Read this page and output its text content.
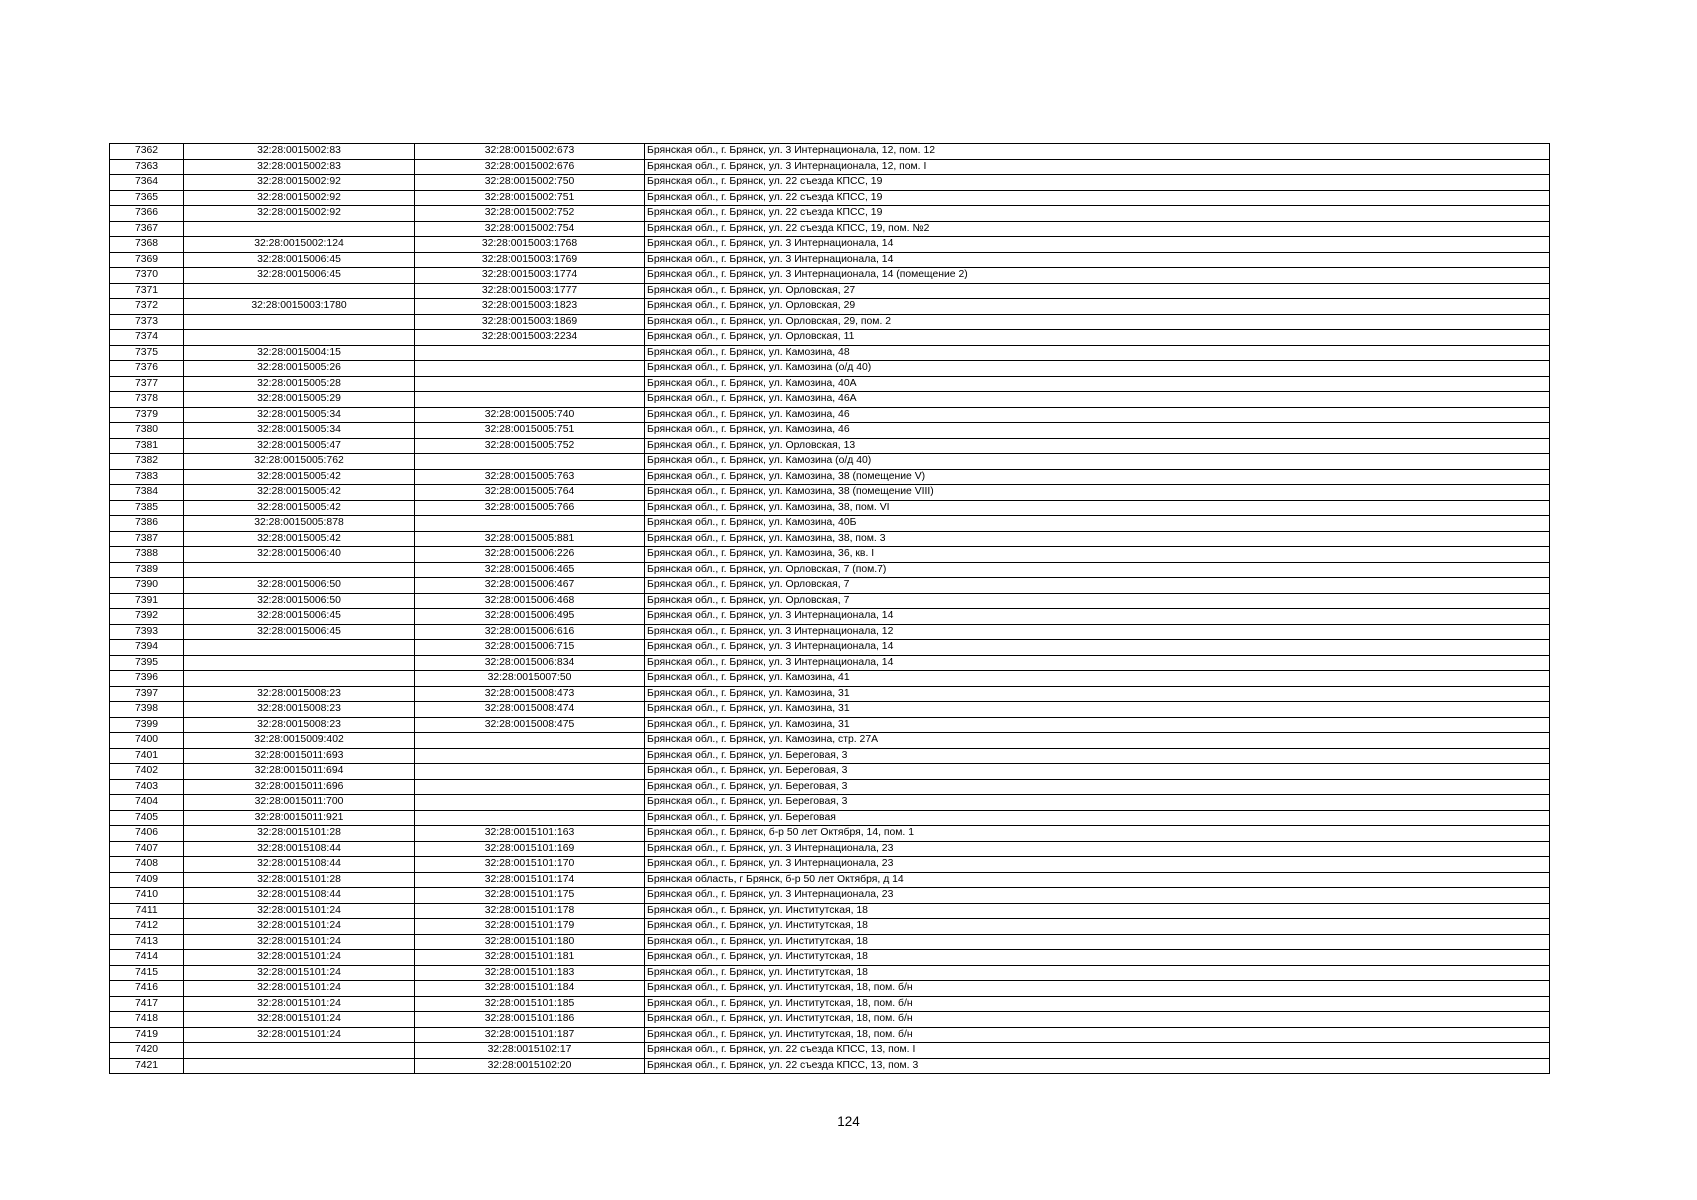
7362	32:28:0015002:83	32:28:0015002:673	Брянская обл., г. Брянск, ул. 3 Интернационала, 12, пом. 12
7363	32:28:0015002:83	32:28:0015002:676	Брянская обл., г. Брянск, ул. 3 Интернационала, 12, пом. I
7364	32:28:0015002:92	32:28:0015002:750	Брянская обл., г. Брянск, ул. 22 съезда КПСС, 19
7365	32:28:0015002:92	32:28:0015002:751	Брянская обл., г. Брянск, ул. 22 съезда КПСС, 19
7366	32:28:0015002:92	32:28:0015002:752	Брянская обл., г. Брянск, ул. 22 съезда КПСС, 19
7367		32:28:0015002:754	Брянская обл., г. Брянск, ул. 22 съезда КПСС, 19, пом. №2
7368	32:28:0015002:124	32:28:0015003:1768	Брянская обл., г. Брянск, ул. 3 Интернационала, 14
7369	32:28:0015006:45	32:28:0015003:1769	Брянская обл., г. Брянск, ул. 3 Интернационала, 14
7370	32:28:0015006:45	32:28:0015003:1774	Брянская обл., г. Брянск, ул. 3 Интернационала, 14 (помещение 2)
7371		32:28:0015003:1777	Брянская обл., г. Брянск, ул. Орловская, 27
7372	32:28:0015003:1780	32:28:0015003:1823	Брянская обл., г. Брянск, ул. Орловская, 29
7373		32:28:0015003:1869	Брянская обл., г. Брянск, ул. Орловская, 29, пом. 2
7374		32:28:0015003:2234	Брянская обл., г. Брянск, ул. Орловская, 11
7375	32:28:0015004:15		Брянская обл., г. Брянск, ул. Камозина, 48
7376	32:28:0015005:26		Брянская обл., г. Брянск, ул. Камозина (о/д 40)
7377	32:28:0015005:28		Брянская обл., г. Брянск, ул. Камозина, 40А
7378	32:28:0015005:29		Брянская обл., г. Брянск, ул. Камозина, 46А
7379	32:28:0015005:34	32:28:0015005:740	Брянская обл., г. Брянск, ул. Камозина, 46
7380	32:28:0015005:34	32:28:0015005:751	Брянская обл., г. Брянск, ул. Камозина, 46
7381	32:28:0015005:47	32:28:0015005:752	Брянская обл., г. Брянск, ул. Орловская, 13
7382	32:28:0015005:762		Брянская обл., г. Брянск, ул. Камозина (о/д 40)
7383	32:28:0015005:42	32:28:0015005:763	Брянская обл., г. Брянск, ул. Камозина, 38 (помещение V)
7384	32:28:0015005:42	32:28:0015005:764	Брянская обл., г. Брянск, ул. Камозина, 38 (помещение VIII)
7385	32:28:0015005:42	32:28:0015005:766	Брянская обл., г. Брянск, ул. Камозина, 38, пом. VI
7386	32:28:0015005:878		Брянская обл., г. Брянск, ул. Камозина, 40Б
7387	32:28:0015005:42	32:28:0015005:881	Брянская обл., г. Брянск, ул. Камозина, 38, пом. 3
7388	32:28:0015006:40	32:28:0015006:226	Брянская обл., г. Брянск, ул. Камозина, 36, кв. I
7389		32:28:0015006:465	Брянская обл., г. Брянск, ул. Орловская, 7 (пом.7)
7390	32:28:0015006:50	32:28:0015006:467	Брянская обл., г. Брянск, ул. Орловская, 7
7391	32:28:0015006:50	32:28:0015006:468	Брянская обл., г. Брянск, ул. Орловская, 7
7392	32:28:0015006:45	32:28:0015006:495	Брянская обл., г. Брянск, ул. 3 Интернационала, 14
7393	32:28:0015006:45	32:28:0015006:616	Брянская обл., г. Брянск, ул. 3 Интернационала, 12
7394		32:28:0015006:715	Брянская обл., г. Брянск, ул. 3 Интернационала, 14
7395		32:28:0015006:834	Брянская обл., г. Брянск, ул. 3 Интернационала, 14
7396		32:28:0015007:50	Брянская обл., г. Брянск, ул. Камозина, 41
7397	32:28:0015008:23	32:28:0015008:473	Брянская обл., г. Брянск, ул. Камозина, 31
7398	32:28:0015008:23	32:28:0015008:474	Брянская обл., г. Брянск, ул. Камозина, 31
7399	32:28:0015008:23	32:28:0015008:475	Брянская обл., г. Брянск, ул. Камозина, 31
7400	32:28:0015009:402		Брянская обл., г. Брянск, ул. Камозина, стр. 27А
7401	32:28:0015011:693		Брянская обл., г. Брянск, ул. Береговая, 3
7402	32:28:0015011:694		Брянская обл., г. Брянск, ул. Береговая, 3
7403	32:28:0015011:696		Брянская обл., г. Брянск, ул. Береговая, 3
7404	32:28:0015011:700		Брянская обл., г. Брянск, ул. Береговая, 3
7405	32:28:0015011:921		Брянская обл., г. Брянск, ул. Береговая
7406	32:28:0015101:28	32:28:0015101:163	Брянская обл., г. Брянск, б-р 50 лет Октября, 14, пом. 1
7407	32:28:0015108:44	32:28:0015101:169	Брянская обл., г. Брянск, ул. 3 Интернационала, 23
7408	32:28:0015108:44	32:28:0015101:170	Брянская обл., г. Брянск, ул. 3 Интернационала, 23
7409	32:28:0015101:28	32:28:0015101:174	Брянская область, г Брянск, б-р 50 лет Октября, д 14
7410	32:28:0015108:44	32:28:0015101:175	Брянская обл., г. Брянск, ул. 3 Интернационала, 23
7411	32:28:0015101:24	32:28:0015101:178	Брянская обл., г. Брянск, ул. Институтская, 18
7412	32:28:0015101:24	32:28:0015101:179	Брянская обл., г. Брянск, ул. Институтская, 18
7413	32:28:0015101:24	32:28:0015101:180	Брянская обл., г. Брянск, ул. Институтская, 18
7414	32:28:0015101:24	32:28:0015101:181	Брянская обл., г. Брянск, ул. Институтская, 18
7415	32:28:0015101:24	32:28:0015101:183	Брянская обл., г. Брянск, ул. Институтская, 18
7416	32:28:0015101:24	32:28:0015101:184	Брянская обл., г. Брянск, ул. Институтская, 18, пом. б/н
7417	32:28:0015101:24	32:28:0015101:185	Брянская обл., г. Брянск, ул. Институтская, 18, пом. б/н
7418	32:28:0015101:24	32:28:0015101:186	Брянская обл., г. Брянск, ул. Институтская, 18, пом. б/н
7419	32:28:0015101:24	32:28:0015101:187	Брянская обл., г. Брянск, ул. Институтская, 18, пом. б/н
7420		32:28:0015102:17	Брянская обл., г. Брянск, ул. 22 съезда КПСС, 13, пом. I
7421		32:28:0015102:20	Брянская обл., г. Брянск, ул. 22 съезда КПСС, 13, пом. 3
124
